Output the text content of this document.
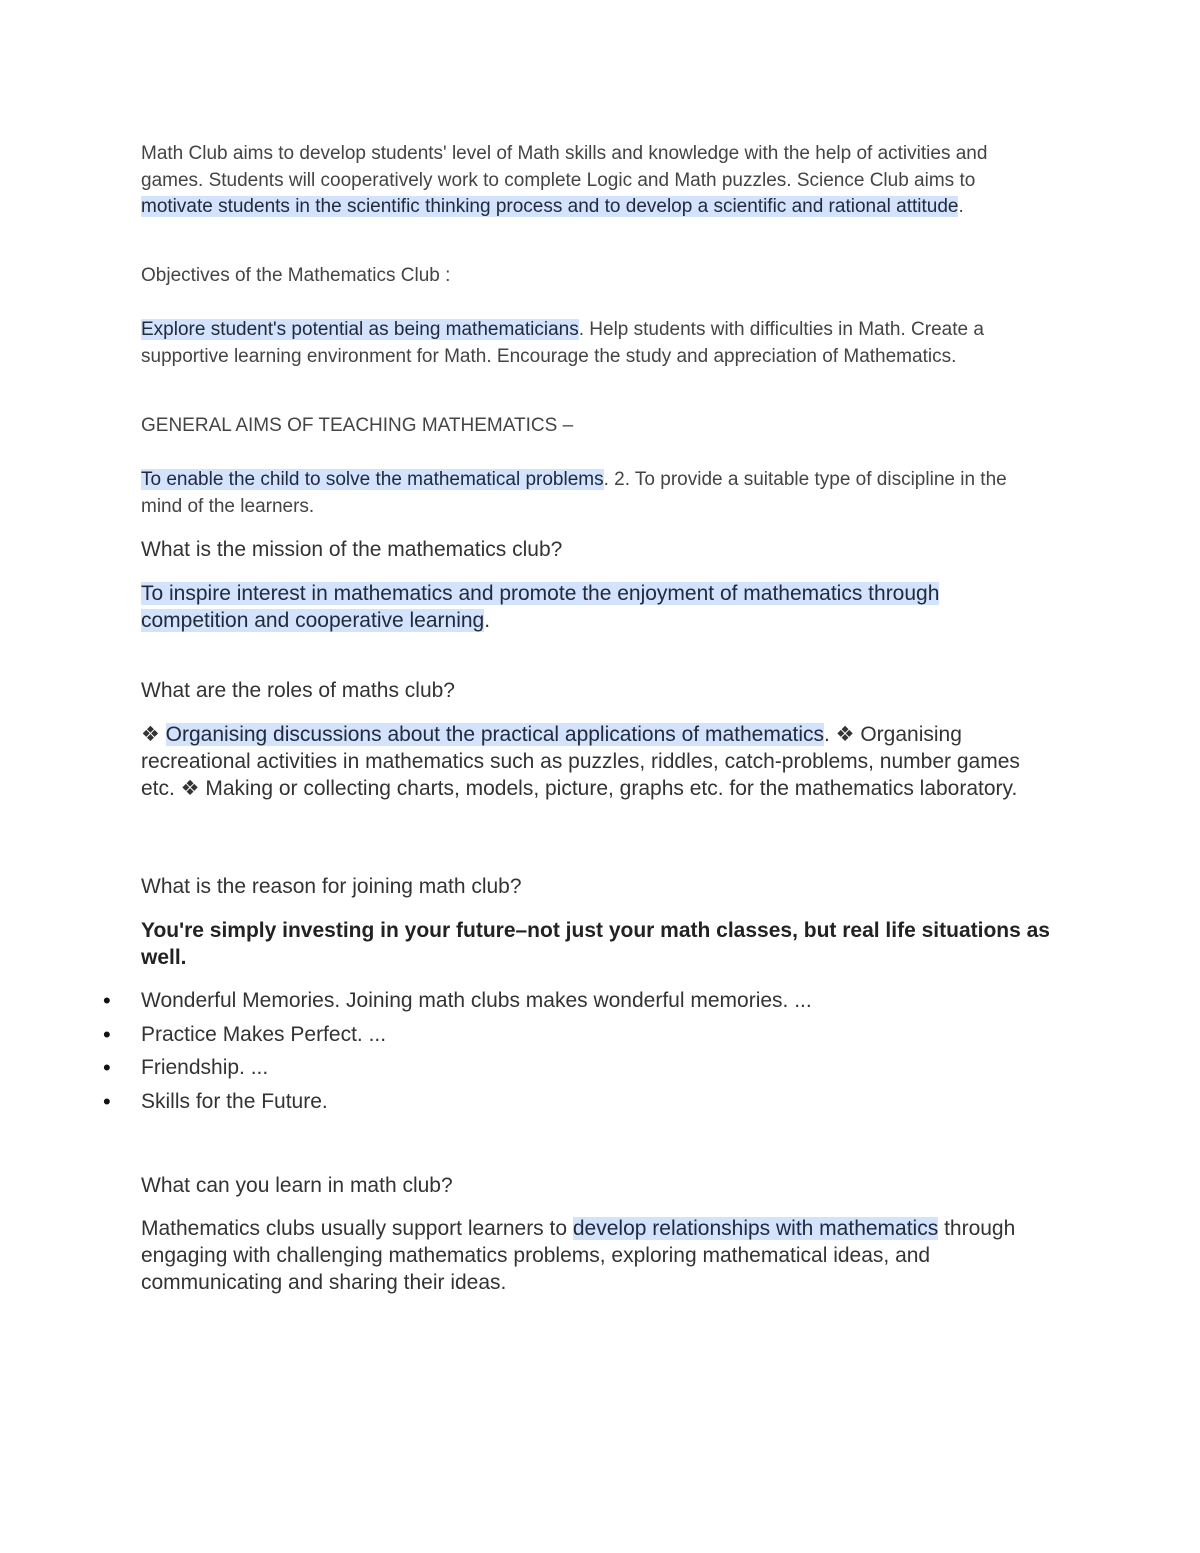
Math Club aims to develop students' level of Math skills and knowledge with the help of activities and games. Students will cooperatively work to complete Logic and Math puzzles. Science Club aims to motivate students in the scientific thinking process and to develop a scientific and rational attitude.

Objectives of the Mathematics Club :

Explore student's potential as being mathematicians. Help students with difficulties in Math. Create a supportive learning environment for Math. Encourage the study and appreciation of Mathematics.

GENERAL AIMS OF TEACHING MATHEMATICS –

To enable the child to solve the mathematical problems. 2. To provide a suitable type of discipline in the mind of the learners.

What is the mission of the mathematics club?

To inspire interest in mathematics and promote the enjoyment of mathematics through competition and cooperative learning.

What are the roles of maths club?

❖ Organising discussions about the practical applications of mathematics. ❖ Organising recreational activities in mathematics such as puzzles, riddles, catch-problems, number games etc. ❖ Making or collecting charts, models, picture, graphs etc. for the mathematics laboratory.

What is the reason for joining math club?

You're simply investing in your future–not just your math classes, but real life situations as well.

• Wonderful Memories. Joining math clubs makes wonderful memories. ...
• Practice Makes Perfect. ...
• Friendship. ...
• Skills for the Future.

What can you learn in math club?

Mathematics clubs usually support learners to develop relationships with mathematics through engaging with challenging mathematics problems, exploring mathematical ideas, and communicating and sharing their ideas.
